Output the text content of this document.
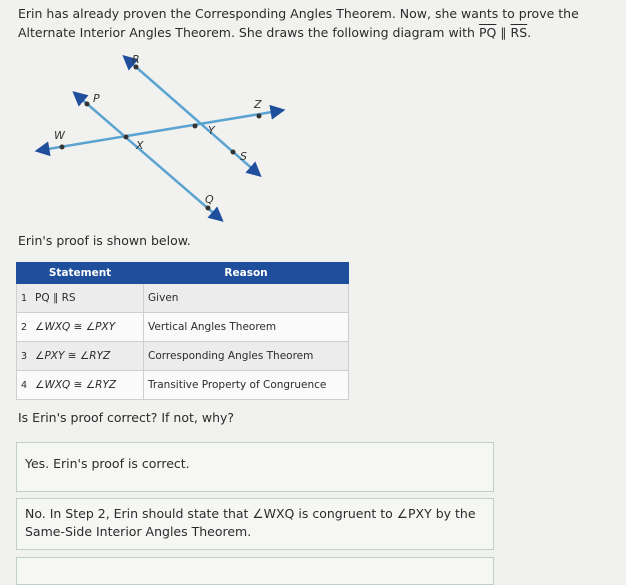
Erin has already proven the Corresponding Angles Theorem. Now, she wants to prove the Alternate Interior Angles Theorem. She draws the following diagram with $\overline{PQ}$ ∥ $\overline{RS}$.
R
P	Z
Y
W
X
S
Q
Erin's proof is shown below.
Statement		Reason
1	PQ ∥ RS	Given
2	∠WXQ ≅ ∠PXY	Vertical Angles Theorem
3	∠PXY ≅ ∠RYZ	Corresponding Angles Theorem
4	∠WXQ ≅ ∠RYZ	Transitive Property of Congruence
Is Erin's proof correct? If not, why?
Yes. Erin's proof is correct.
No. In Step 2, Erin should state that ∠WXQ is congruent to ∠PXY by the Same-Side Interior Angles Theorem.
